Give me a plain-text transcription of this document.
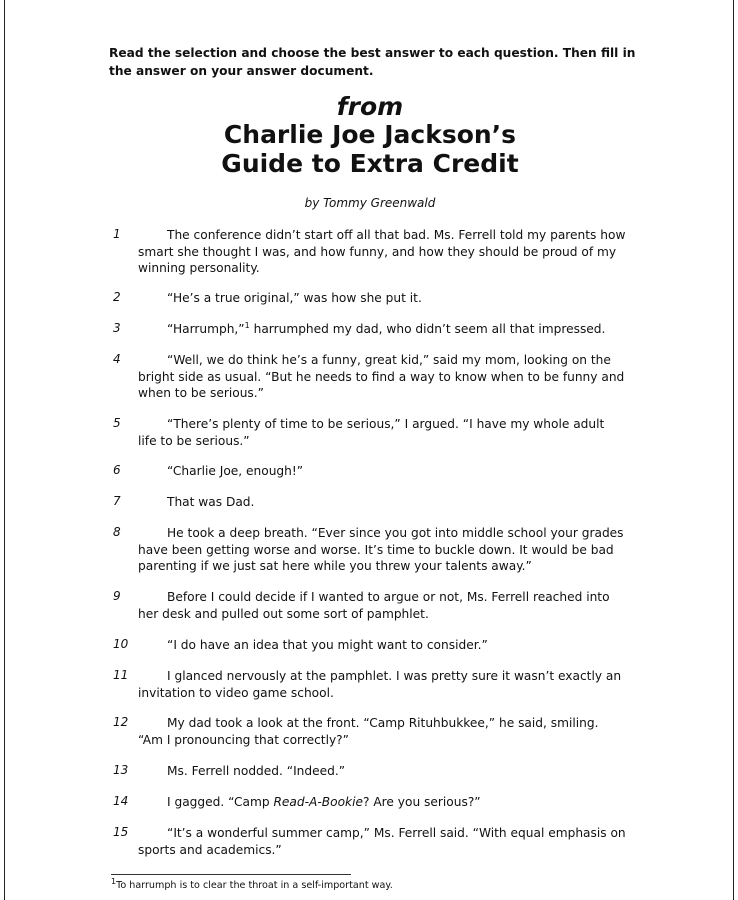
Read the selection and choose the best answer to each question. Then fill in the answer on your answer document.
from
Charlie Joe Jackson’s
Guide to Extra Credit
by Tommy Greenwald
1	The conference didn’t start off all that bad. Ms. Ferrell told my parents how smart she thought I was, and how funny, and how they should be proud of my winning personality.
2	“He’s a true original,” was how she put it.
3	“Harrumph,”$^1$ harrumphed my dad, who didn’t seem all that impressed.
4	“Well, we do think he’s a funny, great kid,” said my mom, looking on the bright side as usual. “But he needs to find a way to know when to be funny and when to be serious.”
5	“There’s plenty of time to be serious,” I argued. “I have my whole adult life to be serious.”
6	“Charlie Joe, enough!”
7	That was Dad.
8	He took a deep breath. “Ever since you got into middle school your grades have been getting worse and worse. It’s time to buckle down. It would be bad parenting if we just sat here while you threw your talents away.”
9	Before I could decide if I wanted to argue or not, Ms. Ferrell reached into her desk and pulled out some sort of pamphlet.
10	“I do have an idea that you might want to consider.”
11	I glanced nervously at the pamphlet. I was pretty sure it wasn’t exactly an invitation to video game school.
12	My dad took a look at the front. “Camp Rituhbukkee,” he said, smiling. “Am I pronouncing that correctly?”
13	Ms. Ferrell nodded. “Indeed.”
14	I gagged. “Camp Read-A-Bookie? Are you serious?”
15	“It’s a wonderful summer camp,” Ms. Ferrell said. “With equal emphasis on sports and academics.”
$^1$To harrumph is to clear the throat in a self-important way.
